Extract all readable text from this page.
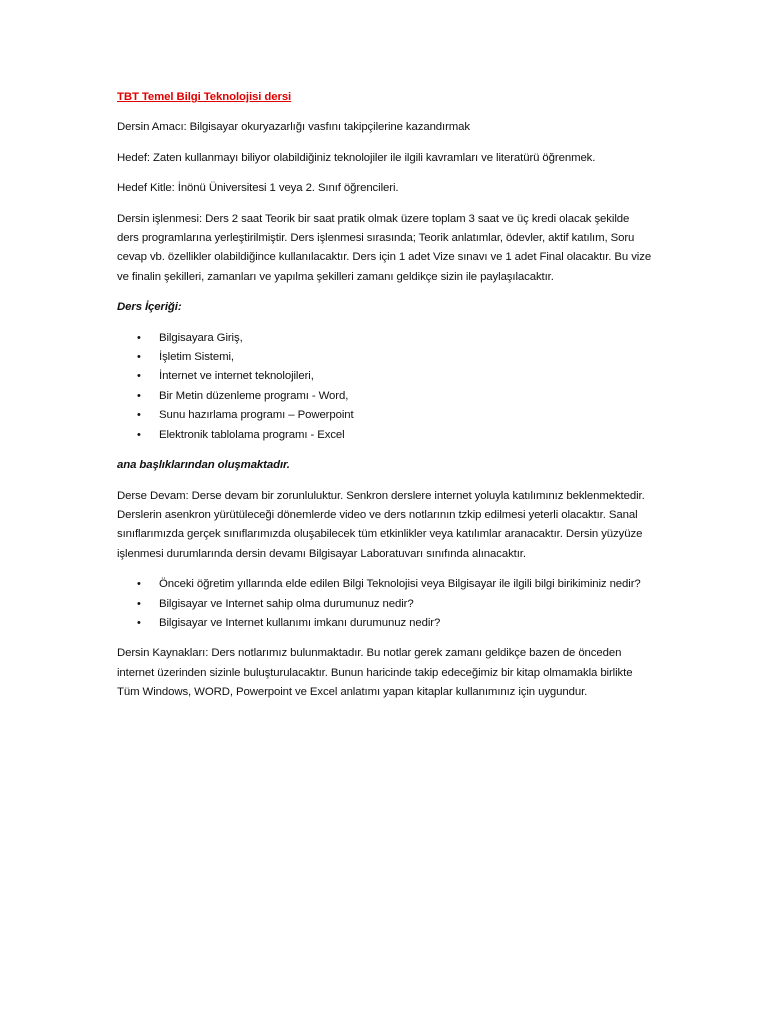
TBT Temel Bilgi Teknolojisi dersi

Dersin Amacı: Bilgisayar okuryazarlığı vasfını takipçilerine kazandırmak

Hedef: Zaten kullanmayı biliyor olabildiğiniz teknolojiler ile ilgili kavramları ve literatürü öğrenmek.

Hedef Kitle: İnönü Üniversitesi 1 veya 2. Sınıf öğrencileri.

Dersin işlenmesi: Ders 2 saat Teorik bir saat pratik olmak üzere toplam 3 saat ve üç kredi olacak şekilde ders programlarına yerleştirilmiştir. Ders işlenmesi sırasında; Teorik anlatımlar, ödevler, aktif katılım, Soru cevap vb. özellikler olabildiğince kullanılacaktır. Ders için 1 adet Vize sınavı ve 1 adet Final olacaktır. Bu vize ve finalin şekilleri, zamanları ve yapılma şekilleri zamanı geldikçe sizin ile paylaşılacaktır.

Ders İçeriği:

• Bilgisayara Giriş,
• İşletim Sistemi,
• İnternet ve internet teknolojileri,
• Bir Metin düzenleme programı - Word,
• Sunu hazırlama programı – Powerpoint
• Elektronik tablolama programı - Excel

ana başlıklarından oluşmaktadır.

Derse Devam: Derse devam bir zorunluluktur. Senkron derslere internet yoluyla katılımınız beklenmektedir. Derslerin asenkron yürütüleceği dönemlerde video ve ders notlarının tzkip edilmesi yeterli olacaktır. Sanal sınıflarımızda gerçek sınıflarımızda oluşabilecek tüm etkinlikler veya katılımlar aranacaktır. Dersin yüzyüze işlenmesi durumlarında dersin devamı Bilgisayar Laboratuvarı sınıfında alınacaktır.

• Önceki öğretim yıllarında elde edilen Bilgi Teknolojisi veya Bilgisayar ile ilgili bilgi birikiminiz nedir?
• Bilgisayar ve Internet sahip olma durumunuz nedir?
• Bilgisayar ve Internet kullanımı imkanı durumunuz nedir?

Dersin Kaynakları: Ders notlarımız bulunmaktadır. Bu notlar gerek zamanı geldikçe bazen de önceden internet üzerinden sizinle buluşturulacaktır. Bunun haricinde takip edeceğimiz bir kitap olmamakla birlikte Tüm Windows, WORD, Powerpoint ve Excel anlatımı yapan kitaplar kullanımınız için uygundur.
